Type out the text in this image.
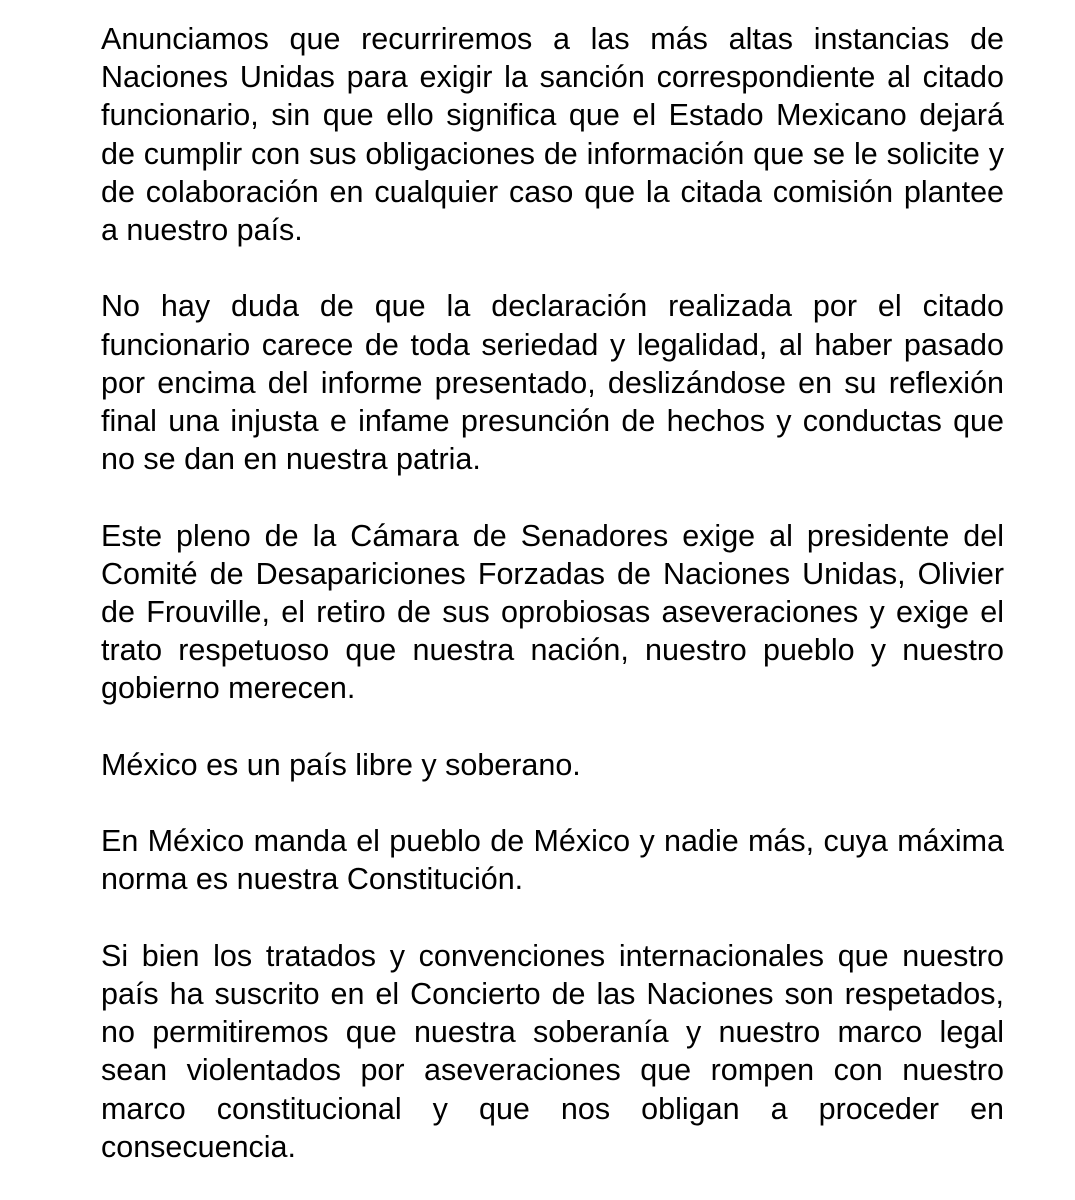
Anunciamos que recurriremos a las más altas instancias de Naciones Unidas para exigir la sanción correspondiente al citado funcionario, sin que ello significa que el Estado Mexicano dejará de cumplir con sus obligaciones de información que se le solicite y de colaboración en cualquier caso que la citada comisión plantee a nuestro país.

No hay duda de que la declaración realizada por el citado funcionario carece de toda seriedad y legalidad, al haber pasado por encima del informe presentado, deslizándose en su reflexión final una injusta e infame presunción de hechos y conductas que no se dan en nuestra patria.

Este pleno de la Cámara de Senadores exige al presidente del Comité de Desapariciones Forzadas de Naciones Unidas, Olivier de Frouville, el retiro de sus oprobiosas aseveraciones y exige el trato respetuoso que nuestra nación, nuestro pueblo y nuestro gobierno merecen.

México es un país libre y soberano.

En México manda el pueblo de México y nadie más, cuya máxima norma es nuestra Constitución.

Si bien los tratados y convenciones internacionales que nuestro país ha suscrito en el Concierto de las Naciones son respetados, no permitiremos que nuestra soberanía y nuestro marco legal sean violentados por aseveraciones que rompen con nuestro marco constitucional y que nos obligan a proceder en consecuencia.
